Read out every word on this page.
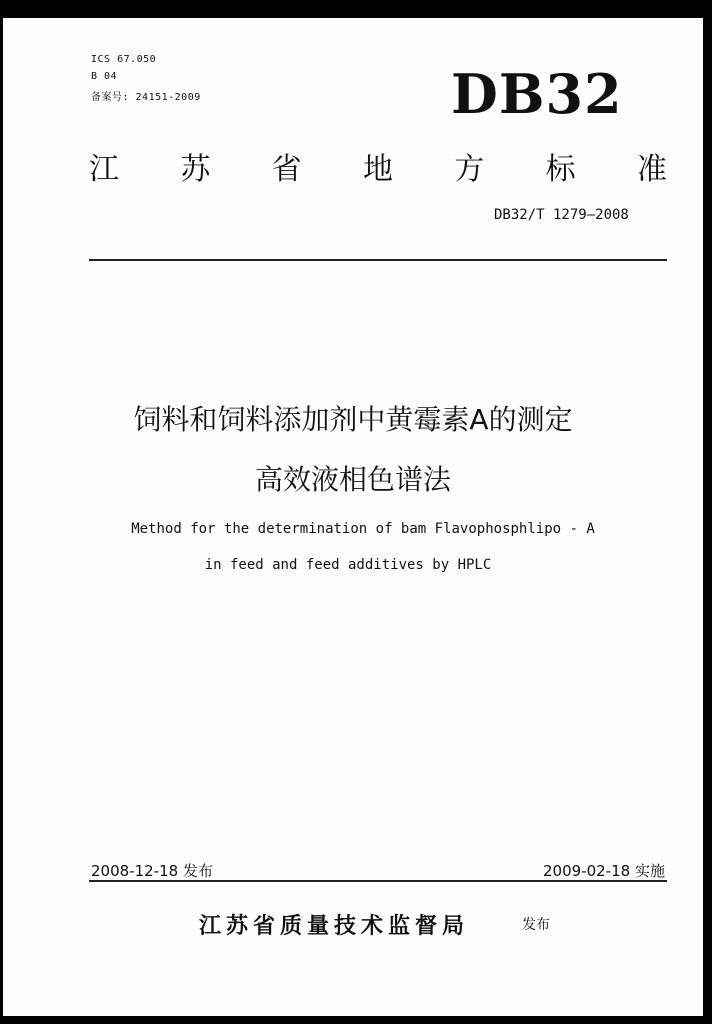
ICS 67.050
B 04
备案号: 24151-2009	DB32
江 苏 省 地 方 标 准
DB32/T 1279—2008
饲料和饲料添加剂中黄霉素A的测定
高效液相色谱法
Method for the determination of bam Flavophosphlipo - A
in feed and feed additives by HPLC
2008-12-18 发布	2009-02-18 实施
江苏省质量技术监督局	发布
